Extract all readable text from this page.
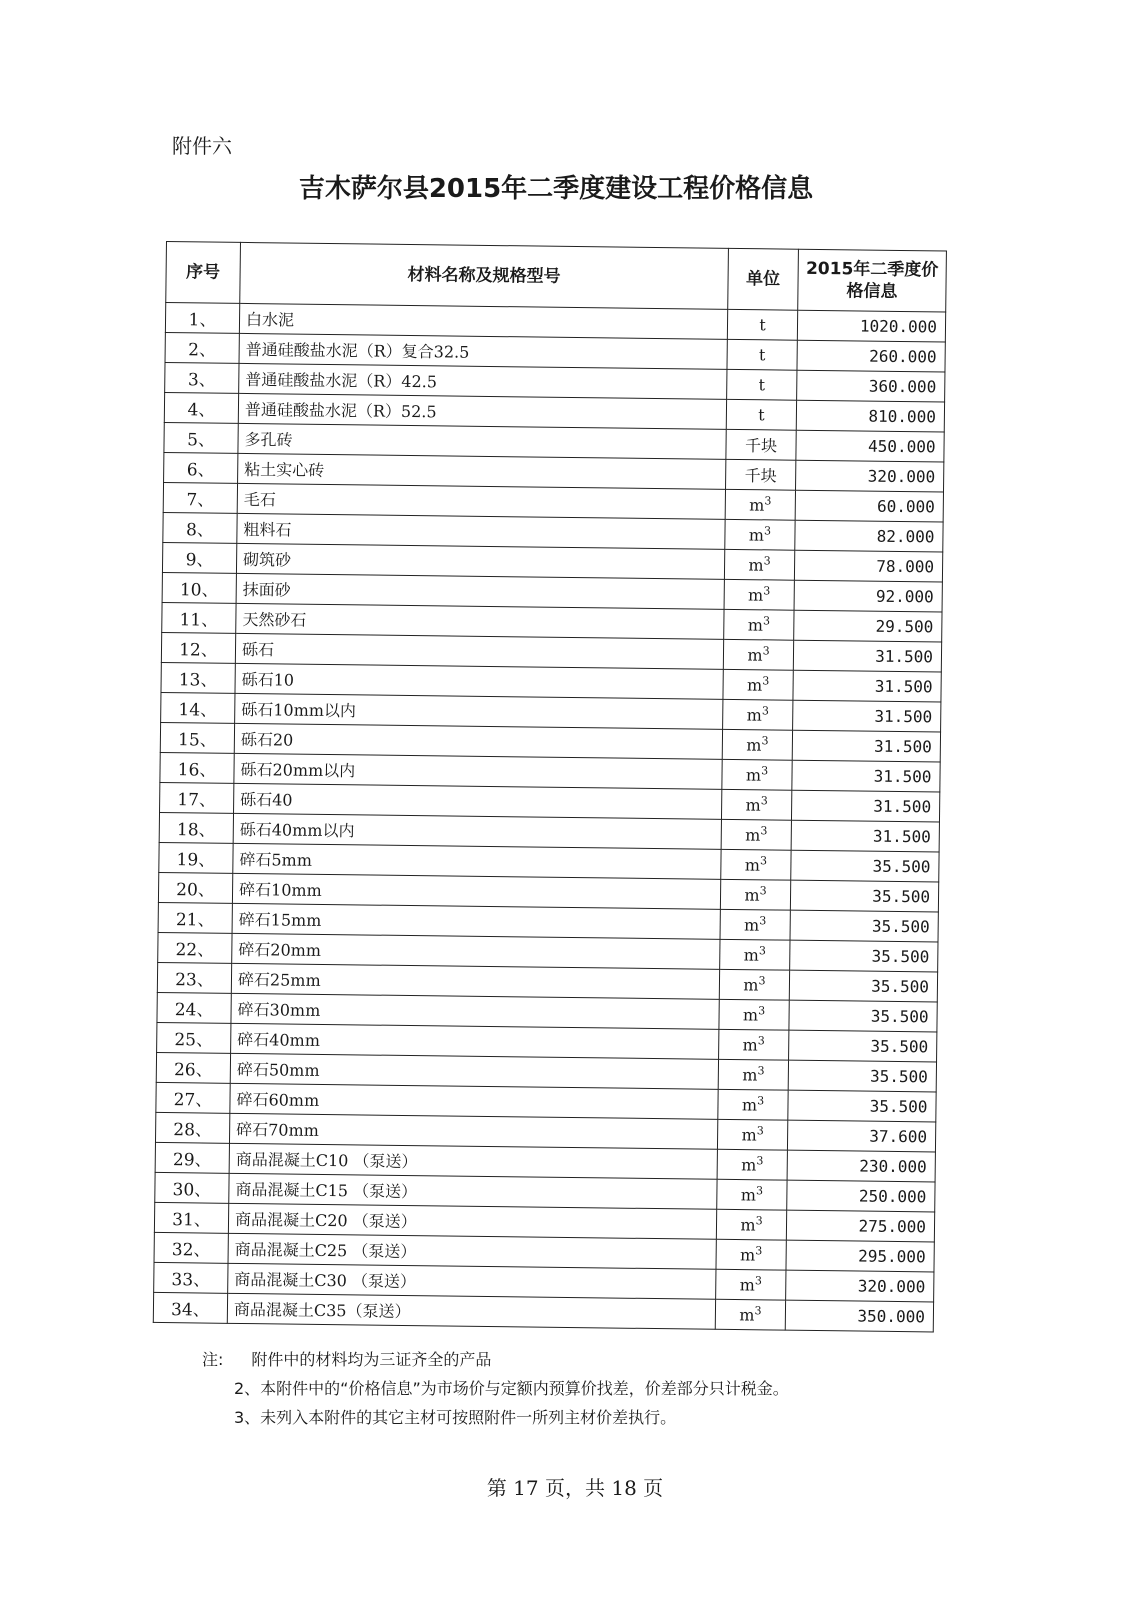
附件六
吉木萨尔县2015年二季度建设工程价格信息
序号	材料名称及规格型号	单位	2015年二季度价格信息
1、	白水泥	t	1020.000
2、	普通硅酸盐水泥（R）复合32.5	t	260.000
3、	普通硅酸盐水泥（R）42.5	t	360.000
4、	普通硅酸盐水泥（R）52.5	t	810.000
5、	多孔砖	千块	450.000
6、	粘土实心砖	千块	320.000
7、	毛石	$m^3$	60.000
8、	粗料石	$m^3$	82.000
9、	砌筑砂	$m^3$	78.000
10、	抹面砂	$m^3$	92.000
11、	天然砂石	$m^3$	29.500
12、	砾石	$m^3$	31.500
13、	砾石10	$m^3$	31.500
14、	砾石10mm以内	$m^3$	31.500
15、	砾石20	$m^3$	31.500
16、	砾石20mm以内	$m^3$	31.500
17、	砾石40	$m^3$	31.500
18、	砾石40mm以内	$m^3$	31.500
19、	碎石5mm	$m^3$	35.500
20、	碎石10mm	$m^3$	35.500
21、	碎石15mm	$m^3$	35.500
22、	碎石20mm	$m^3$	35.500
23、	碎石25mm	$m^3$	35.500
24、	碎石30mm	$m^3$	35.500
25、	碎石40mm	$m^3$	35.500
26、	碎石50mm	$m^3$	35.500
27、	碎石60mm	$m^3$	35.500
28、	碎石70mm	$m^3$	37.600
29、	商品混凝土C10 （泵送）	$m^3$	230.000
30、	商品混凝土C15 （泵送）	$m^3$	250.000
31、	商品混凝土C20 （泵送）	$m^3$	275.000
32、	商品混凝土C25 （泵送）	$m^3$	295.000
33、	商品混凝土C30 （泵送）	$m^3$	320.000
34、	商品混凝土C35（泵送）	$m^3$	350.000
注: 附件中的材料均为三证齐全的产品
2、本附件中的“价格信息”为市场价与定额内预算价找差，价差部分只计税金。
3、未列入本附件的其它主材可按照附件一所列主材价差执行。
第 17 页，共 18 页
